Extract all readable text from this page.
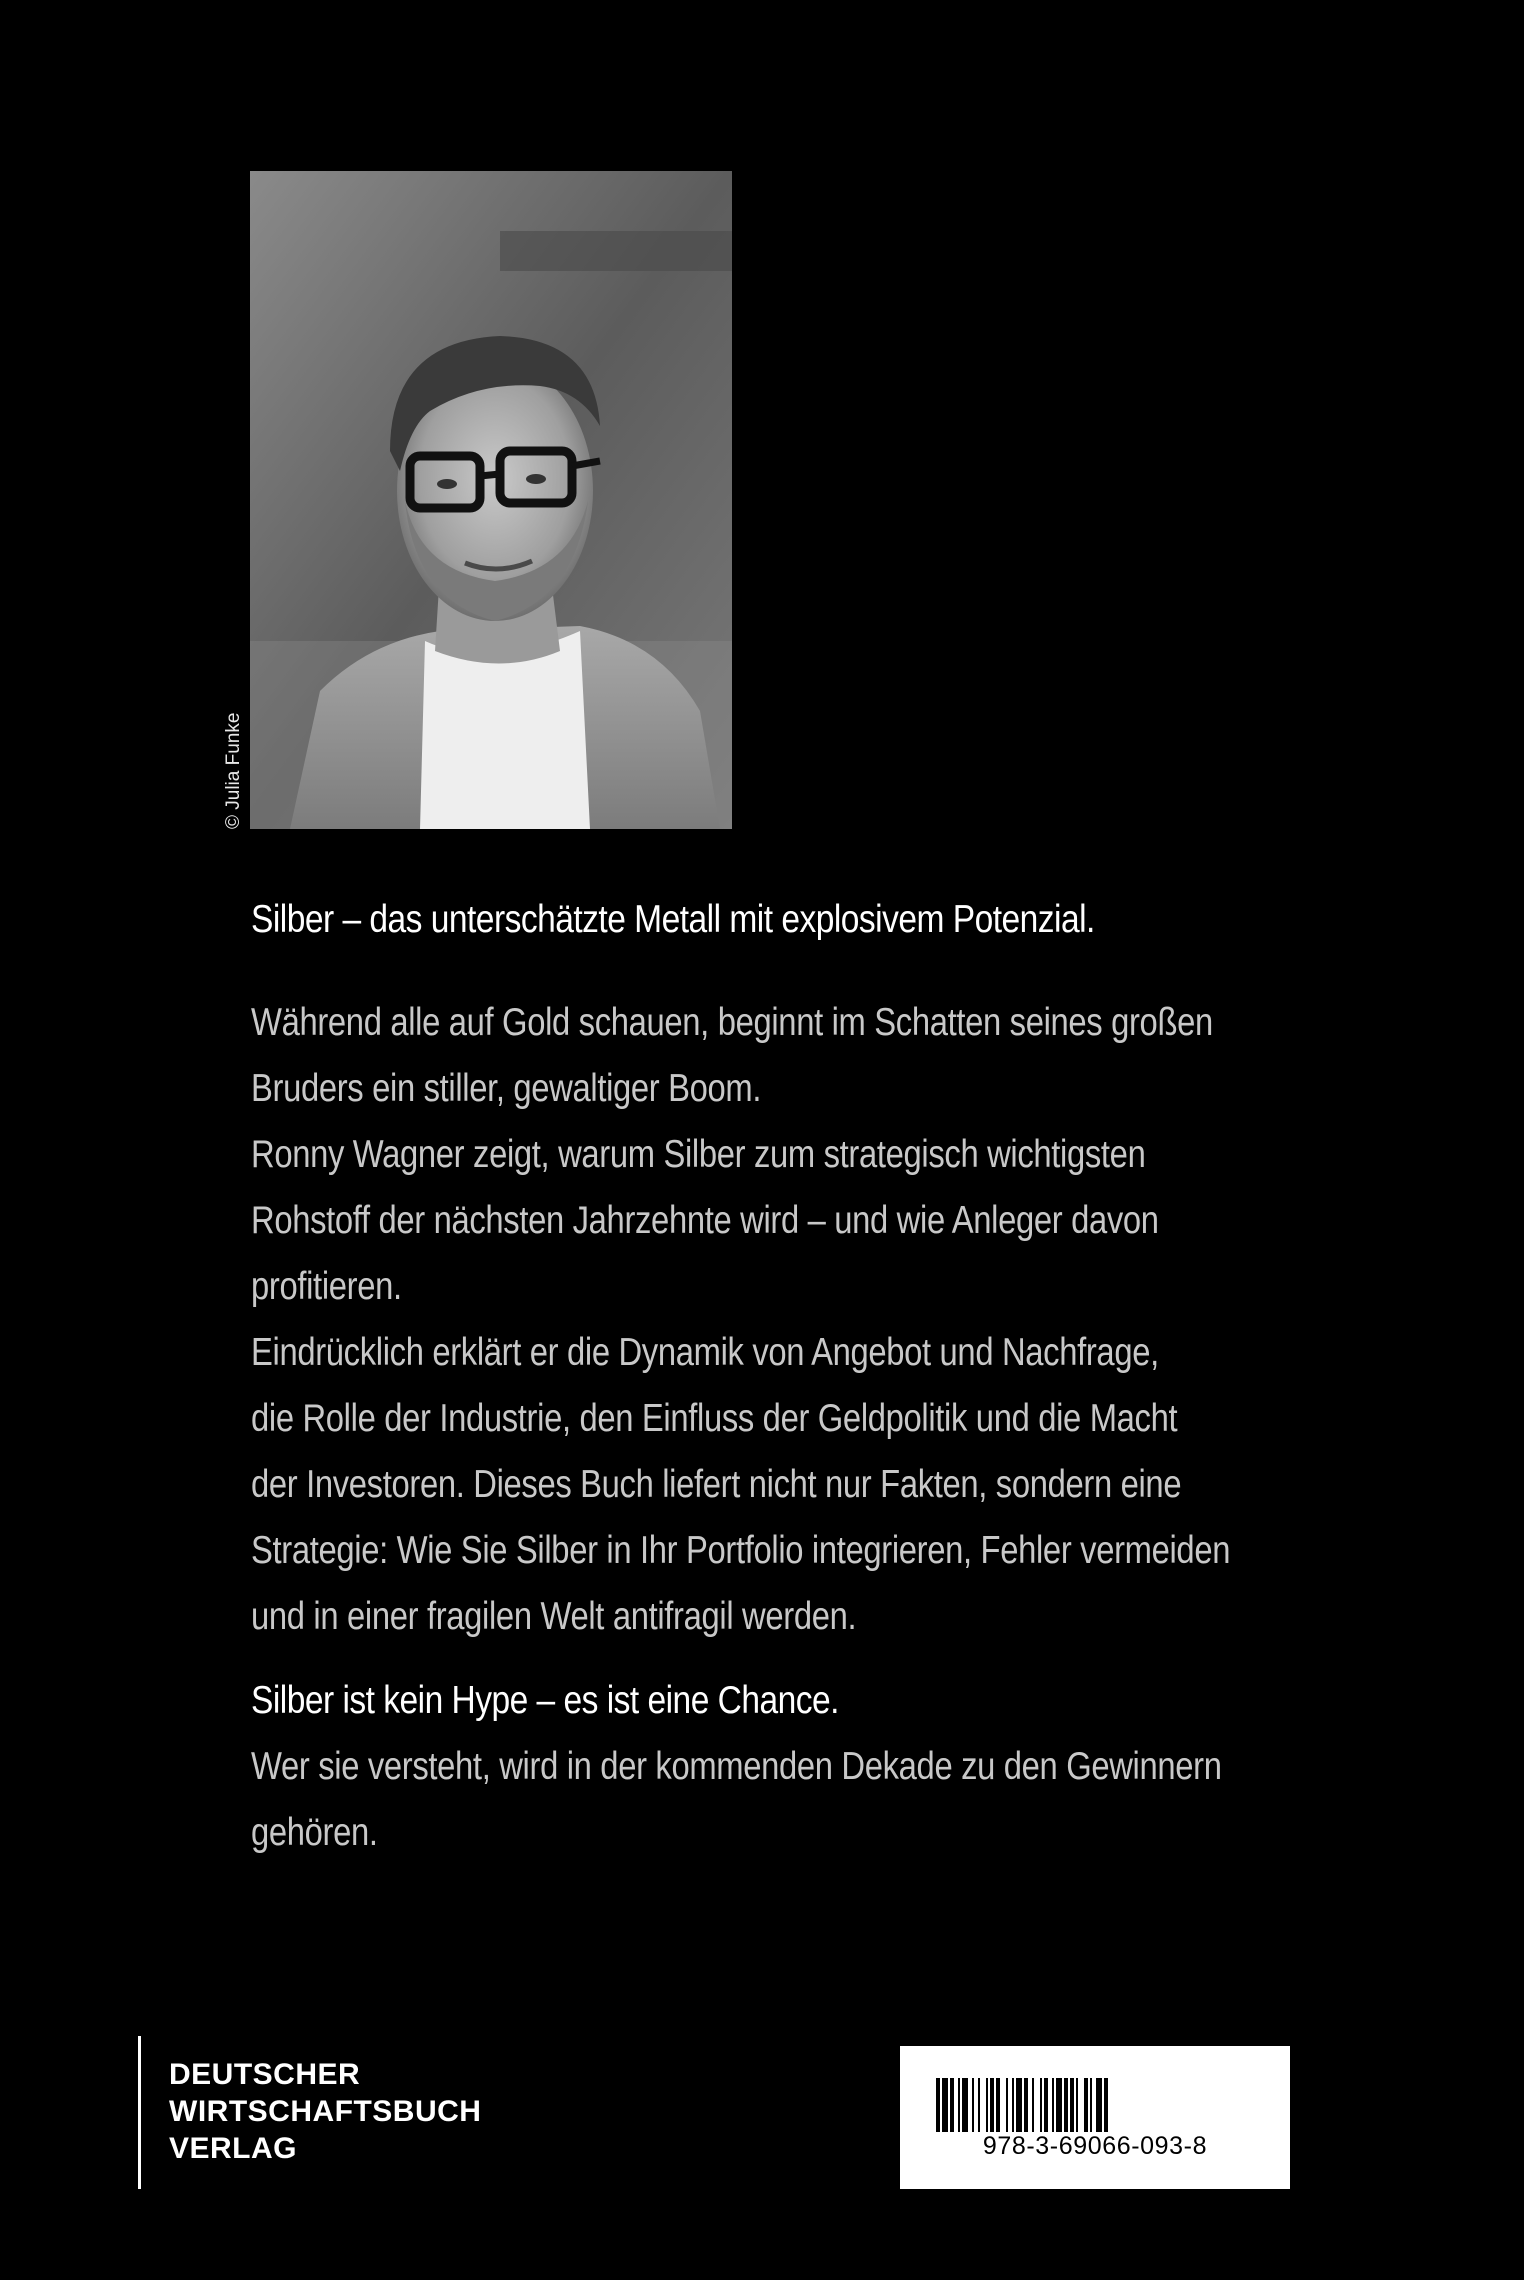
© Julia Funke

Silber – das unterschätzte Metall mit explosivem Potenzial.

Während alle auf Gold schauen, beginnt im Schatten seines großen
Bruders ein stiller, gewaltiger Boom.
Ronny Wagner zeigt, warum Silber zum strategisch wichtigsten
Rohstoff der nächsten Jahrzehnte wird – und wie Anleger davon
profitieren.
Eindrücklich erklärt er die Dynamik von Angebot und Nachfrage,
die Rolle der Industrie, den Einfluss der Geldpolitik und die Macht
der Investoren. Dieses Buch liefert nicht nur Fakten, sondern eine
Strategie: Wie Sie Silber in Ihr Portfolio integrieren, Fehler vermeiden
und in einer fragilen Welt antifragil werden.

Silber ist kein Hype – es ist eine Chance.

Wer sie versteht, wird in der kommenden Dekade zu den Gewinnern
gehören.
DEUTSCHER
WIRTSCHAFTSBUCH
VERLAG	978-3-69066-093-8
